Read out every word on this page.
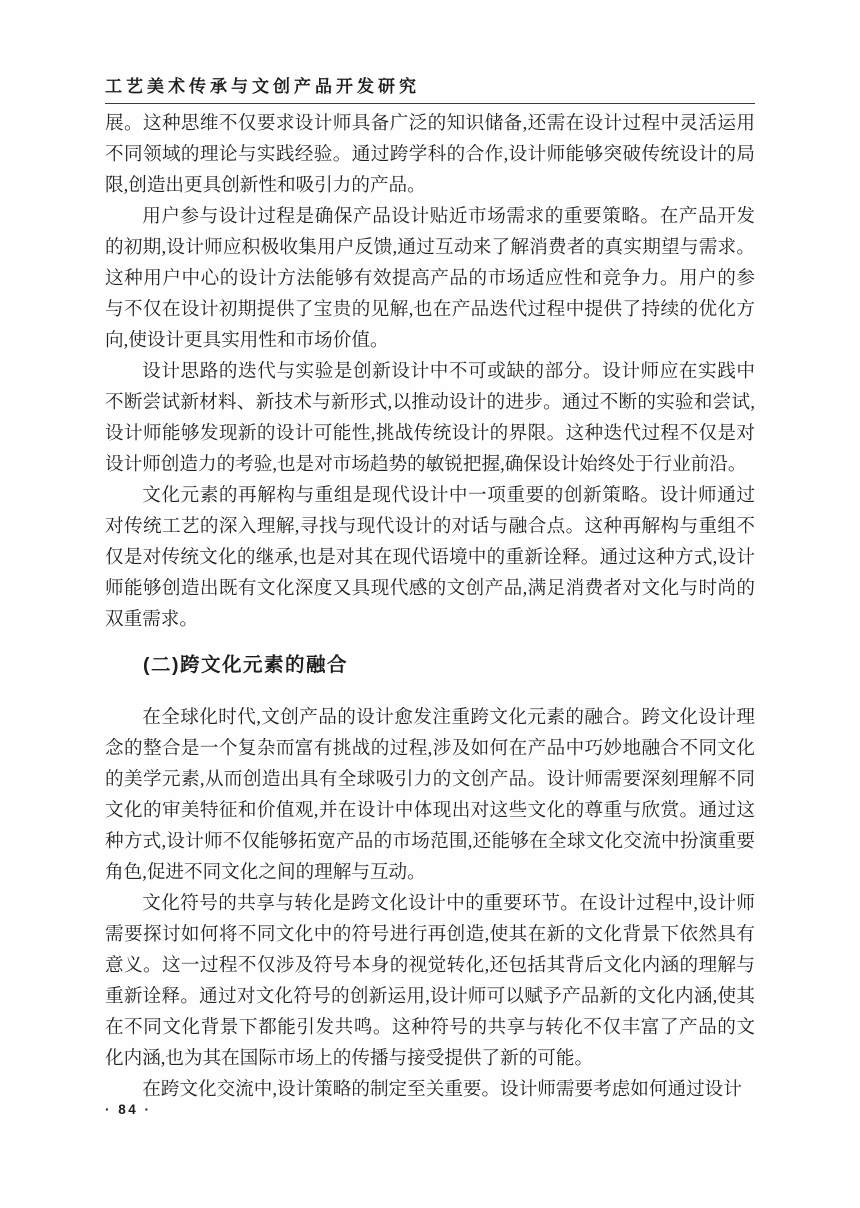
工艺美术传承与文创产品开发研究

展。这种思维不仅要求设计师具备广泛的知识储备,还需在设计过程中灵活运用不同领域的理论与实践经验。通过跨学科的合作,设计师能够突破传统设计的局限,创造出更具创新性和吸引力的产品。

用户参与设计过程是确保产品设计贴近市场需求的重要策略。在产品开发的初期,设计师应积极收集用户反馈,通过互动来了解消费者的真实期望与需求。这种用户中心的设计方法能够有效提高产品的市场适应性和竞争力。用户的参与不仅在设计初期提供了宝贵的见解,也在产品迭代过程中提供了持续的优化方向,使设计更具实用性和市场价值。

设计思路的迭代与实验是创新设计中不可或缺的部分。设计师应在实践中不断尝试新材料、新技术与新形式,以推动设计的进步。通过不断的实验和尝试,设计师能够发现新的设计可能性,挑战传统设计的界限。这种迭代过程不仅是对设计师创造力的考验,也是对市场趋势的敏锐把握,确保设计始终处于行业前沿。

文化元素的再解构与重组是现代设计中一项重要的创新策略。设计师通过对传统工艺的深入理解,寻找与现代设计的对话与融合点。这种再解构与重组不仅是对传统文化的继承,也是对其在现代语境中的重新诠释。通过这种方式,设计师能够创造出既有文化深度又具现代感的文创产品,满足消费者对文化与时尚的双重需求。

(二)跨文化元素的融合

在全球化时代,文创产品的设计愈发注重跨文化元素的融合。跨文化设计理念的整合是一个复杂而富有挑战的过程,涉及如何在产品中巧妙地融合不同文化的美学元素,从而创造出具有全球吸引力的文创产品。设计师需要深刻理解不同文化的审美特征和价值观,并在设计中体现出对这些文化的尊重与欣赏。通过这种方式,设计师不仅能够拓宽产品的市场范围,还能够在全球文化交流中扮演重要角色,促进不同文化之间的理解与互动。

文化符号的共享与转化是跨文化设计中的重要环节。在设计过程中,设计师需要探讨如何将不同文化中的符号进行再创造,使其在新的文化背景下依然具有意义。这一过程不仅涉及符号本身的视觉转化,还包括其背后文化内涵的理解与重新诠释。通过对文化符号的创新运用,设计师可以赋予产品新的文化内涵,使其在不同文化背景下都能引发共鸣。这种符号的共享与转化不仅丰富了产品的文化内涵,也为其在国际市场上的传播与接受提供了新的可能。

在跨文化交流中,设计策略的制定至关重要。设计师需要考虑如何通过设计

· 84 ·
